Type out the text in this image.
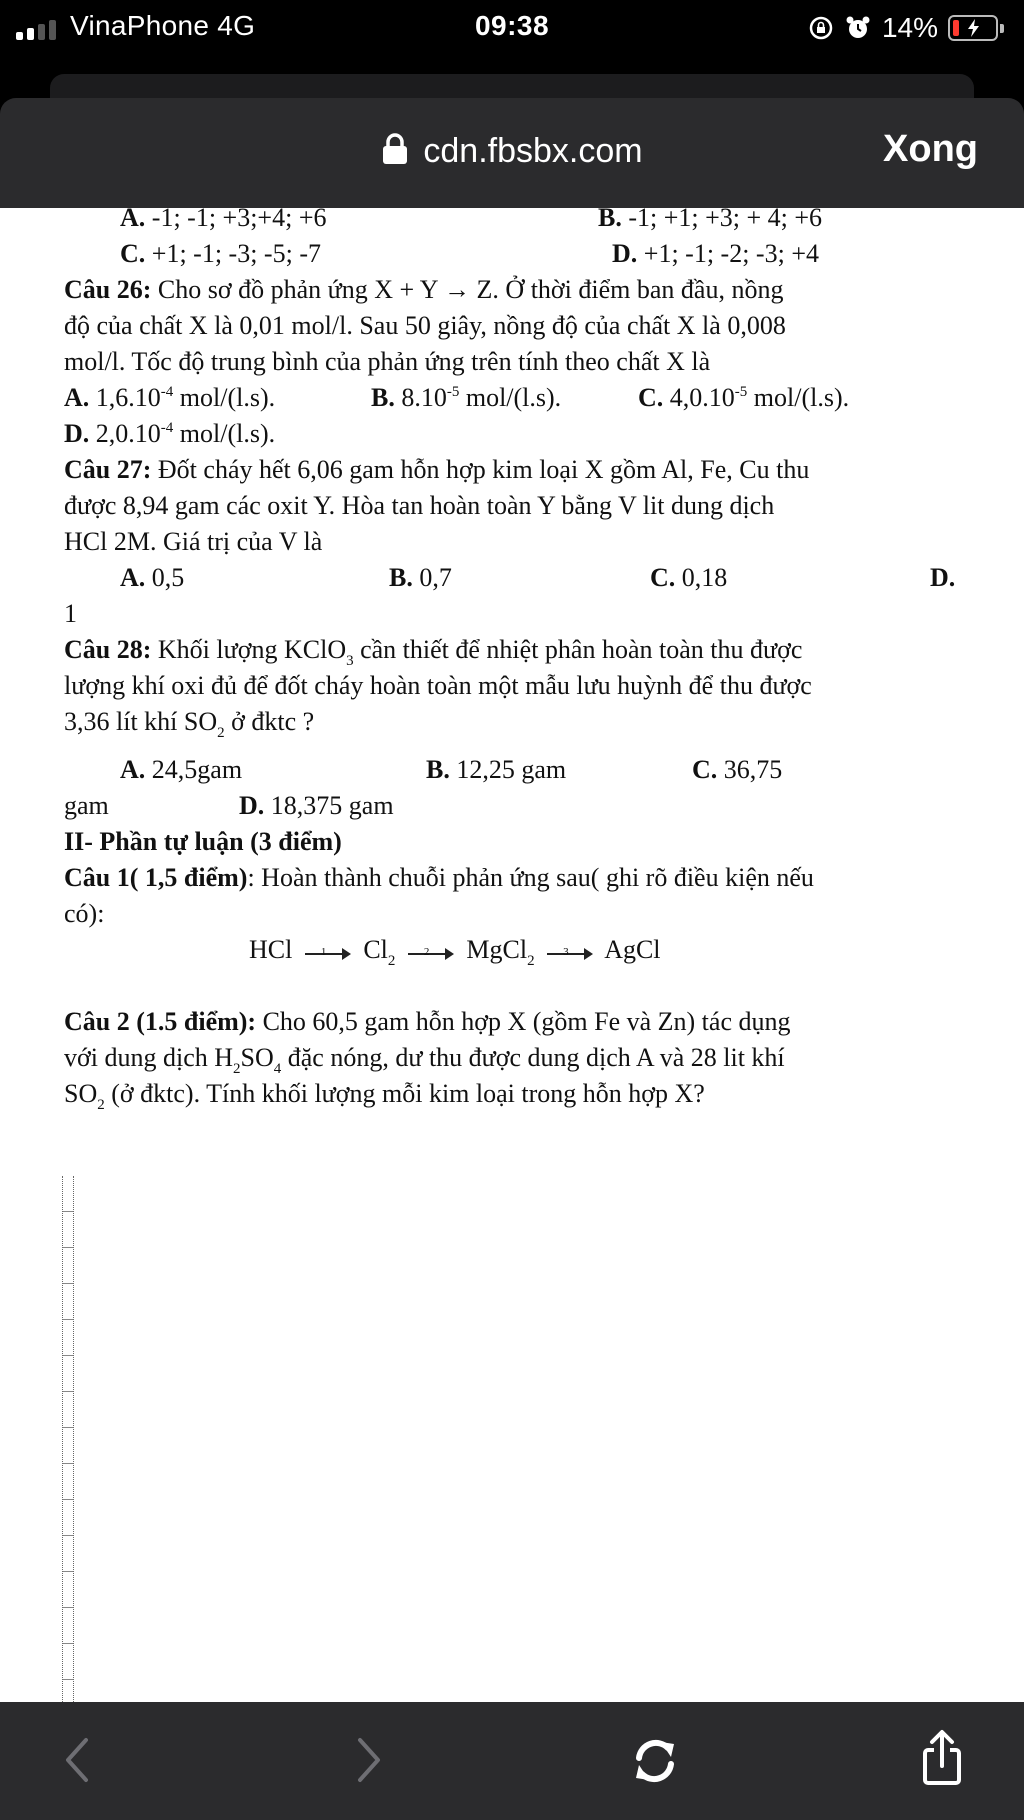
VinaPhone 4G	09:38	14%
cdn.fbsbx.com	Xong
A. -1; -1; +3;+4; +6	B. -1; +1; +3; + 4; +6
C. +1; -1; -3; -5; -7	D. +1; -1; -2; -3; +4
Câu 26: Cho sơ đồ phản ứng X + Y → Z. Ở thời điểm ban đầu, nồng
độ của chất X là 0,01 mol/l. Sau 50 giây, nồng độ của chất X là 0,008
mol/l. Tốc độ trung bình của phản ứng trên tính theo chất X là
A. $1,6.10^{-4}$ mol/(l.s).	B. $8.10^{-5}$ mol/(l.s).	C. $4,0.10^{-5}$ mol/(l.s).
D. $2,0.10^{-4}$ mol/(l.s).
Câu 27: Đốt cháy hết 6,06 gam hỗn hợp kim loại X gồm Al, Fe, Cu thu
được 8,94 gam các oxit Y. Hòa tan hoàn toàn Y bằng V lit dung dịch
HCl 2M. Giá trị của V là
A. 0,5	B. 0,7	C. 0,18	D.
1
Câu 28: Khối lượng KClO$_3$ cần thiết để nhiệt phân hoàn toàn thu được
lượng khí oxi đủ để đốt cháy hoàn toàn một mẫu lưu huỳnh để thu được
3,36 lít khí $SO_2$ ở đktc ?
A. 24,5gam	B. 12,25 gam	C. 36,75
gam	D. 18,375 gam
II- Phần tự luận (3 điểm)
Câu 1( 1,5 điểm): Hoàn thành chuỗi phản ứng sau( ghi rõ điều kiện nếu
có):
HCl	1 $Cl_2$
2 MgCl$_2$
3 AgCl
Câu 2 (1.5 điểm): Cho 60,5 gam hỗn hợp X (gồm Fe và Zn) tác dụng
với dung dịch $H_2SO_4$ đặc nóng, dư thu được dung dịch A và 28 lit khí
$SO_2$ (ở đktc). Tính khối lượng mỗi kim loại trong hỗn hợp X?
